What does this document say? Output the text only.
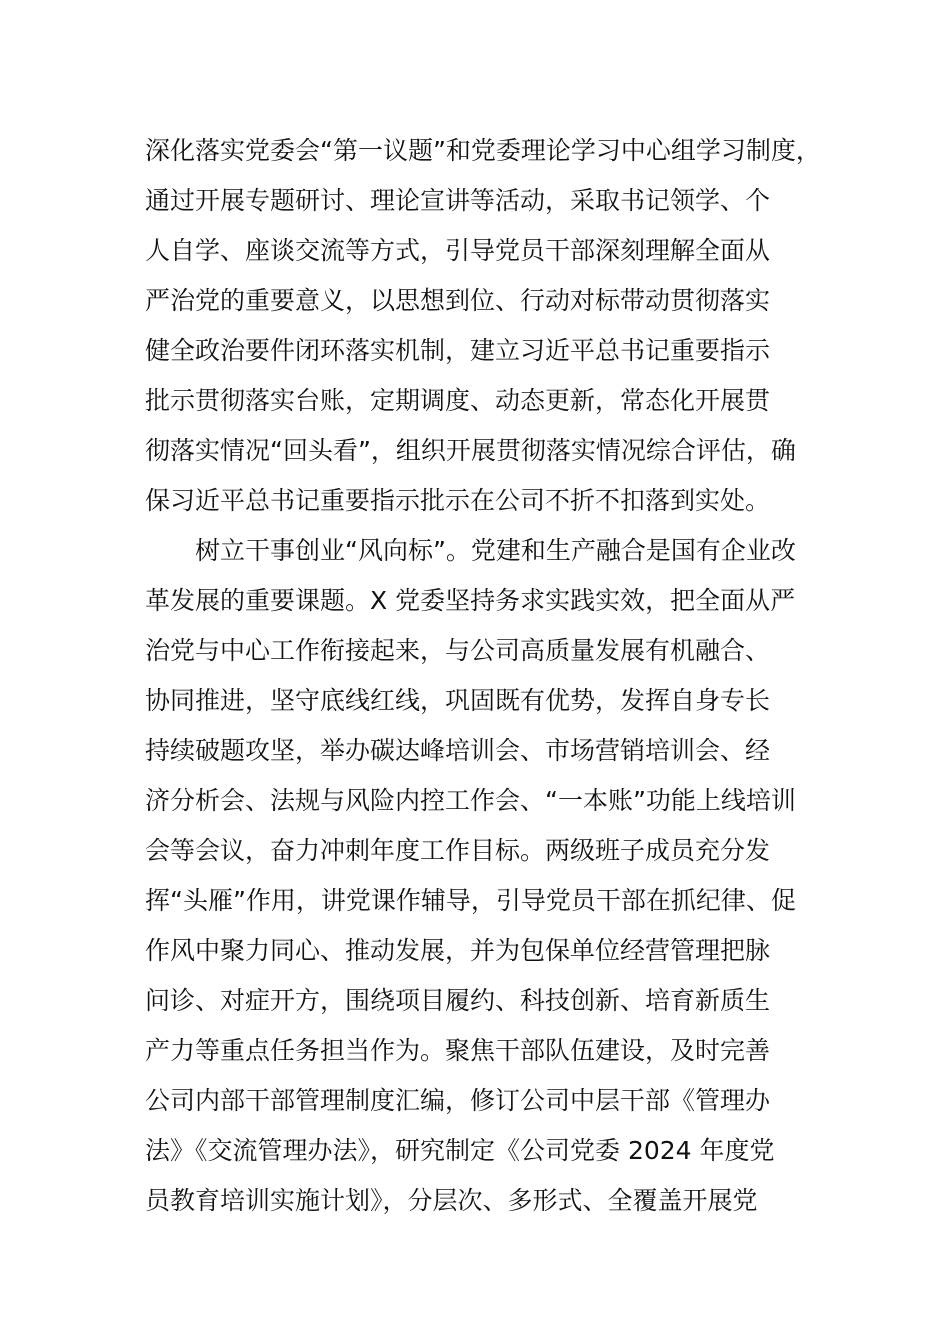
深化落实党委会“第一议题”和党委理论学习中心组学习制度，
通过开展专题研讨、理论宣讲等活动，采取书记领学、个
人自学、座谈交流等方式，引导党员干部深刻理解全面从
严治党的重要意义，以思想到位、行动对标带动贯彻落实
健全政治要件闭环落实机制，建立习近平总书记重要指示
批示贯彻落实台账，定期调度、动态更新，常态化开展贯
彻落实情况“回头看”，组织开展贯彻落实情况综合评估，确
保习近平总书记重要指示批示在公司不折不扣落到实处。
树立干事创业“风向标”。党建和生产融合是国有企业改
革发展的重要课题。X 党委坚持务求实践实效，把全面从严
治党与中心工作衔接起来，与公司高质量发展有机融合、
协同推进，坚守底线红线，巩固既有优势，发挥自身专长
持续破题攻坚，举办碳达峰培训会、市场营销培训会、经
济分析会、法规与风险内控工作会、“一本账”功能上线培训
会等会议，奋力冲刺年度工作目标。两级班子成员充分发
挥“头雁”作用，讲党课作辅导，引导党员干部在抓纪律、促
作风中聚力同心、推动发展，并为包保单位经营管理把脉
问诊、对症开方，围绕项目履约、科技创新、培育新质生
产力等重点任务担当作为。聚焦干部队伍建设，及时完善
公司内部干部管理制度汇编，修订公司中层干部《管理办
法》《交流管理办法》，研究制定《公司党委 2024 年度党
员教育培训实施计划》，分层次、多形式、全覆盖开展党
